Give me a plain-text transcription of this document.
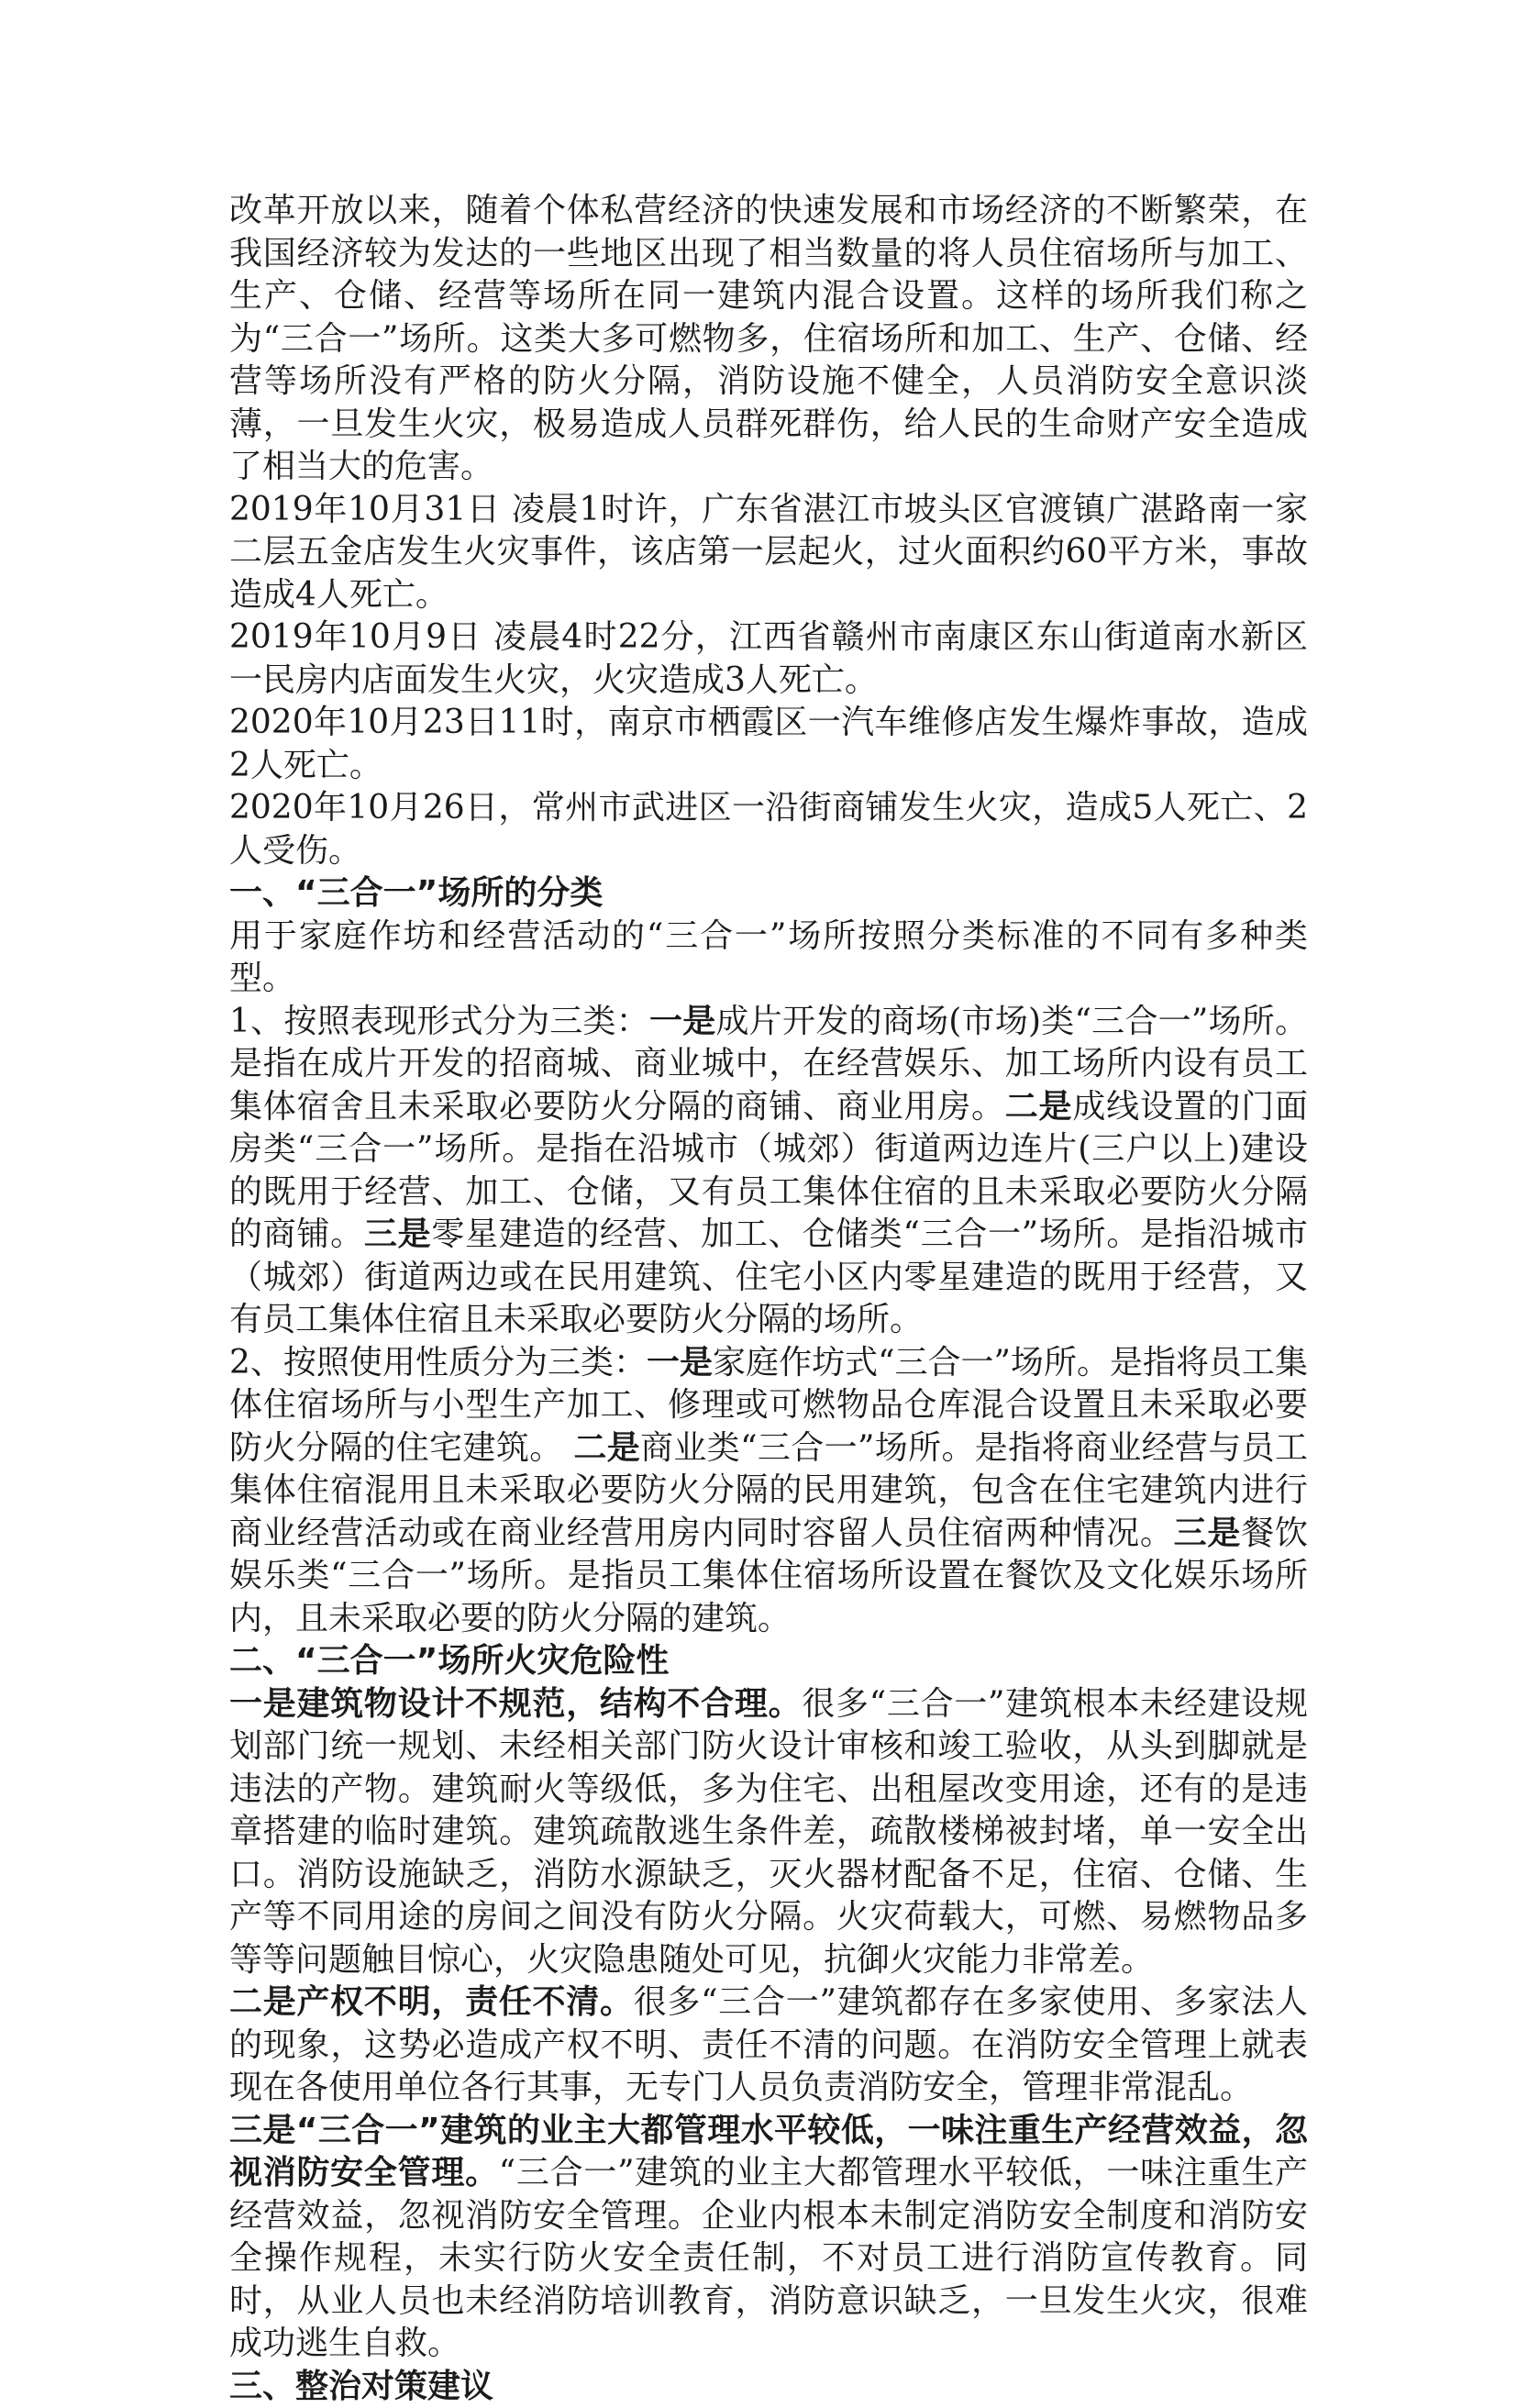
改革开放以来，随着个体私营经济的快速发展和市场经济的不断繁荣，在我国经济较为发达的一些地区出现了相当数量的将人员住宿场所与加工、生产、仓储、经营等场所在同一建筑内混合设置。这样的场所我们称之为“三合一”场所。这类大多可燃物多，住宿场所和加工、生产、仓储、经营等场所没有严格的防火分隔，消防设施不健全，人员消防安全意识淡薄，一旦发生火灾，极易造成人员群死群伤，给人民的生命财产安全造成了相当大的危害。

2019年10月31日 凌晨1时许，广东省湛江市坡头区官渡镇广湛路南一家二层五金店发生火灾事件，该店第一层起火，过火面积约60平方米，事故造成4人死亡。

2019年10月9日 凌晨4时22分，江西省赣州市南康区东山街道南水新区一民房内店面发生火灾，火灾造成3人死亡。

2020年10月23日11时，南京市栖霞区一汽车维修店发生爆炸事故，造成2人死亡。

2020年10月26日，常州市武进区一沿街商铺发生火灾，造成5人死亡、2人受伤。

一、“三合一”场所的分类

用于家庭作坊和经营活动的“三合一”场所按照分类标准的不同有多种类型。

1、按照表现形式分为三类：一是成片开发的商场(市场)类“三合一”场所。是指在成片开发的招商城、商业城中，在经营娱乐、加工场所内设有员工集体宿舍且未采取必要防火分隔的商铺、商业用房。二是成线设置的门面房类“三合一”场所。是指在沿城市（城郊）街道两边连片(三户以上)建设的既用于经营、加工、仓储，又有员工集体住宿的且未采取必要防火分隔的商铺。三是零星建造的经营、加工、仓储类“三合一”场所。是指沿城市（城郊）街道两边或在民用建筑、住宅小区内零星建造的既用于经营，又有员工集体住宿且未采取必要防火分隔的场所。

2、按照使用性质分为三类：一是家庭作坊式“三合一”场所。是指将员工集体住宿场所与小型生产加工、修理或可燃物品仓库混合设置且未采取必要防火分隔的住宅建筑。 二是商业类“三合一”场所。是指将商业经营与员工集体住宿混用且未采取必要防火分隔的民用建筑，包含在住宅建筑内进行商业经营活动或在商业经营用房内同时容留人员住宿两种情况。三是餐饮娱乐类“三合一”场所。是指员工集体住宿场所设置在餐饮及文化娱乐场所内，且未采取必要的防火分隔的建筑。

二、“三合一”场所火灾危险性

一是建筑物设计不规范，结构不合理。很多“三合一”建筑根本未经建设规划部门统一规划、未经相关部门防火设计审核和竣工验收，从头到脚就是违法的产物。建筑耐火等级低，多为住宅、出租屋改变用途，还有的是违章搭建的临时建筑。建筑疏散逃生条件差，疏散楼梯被封堵，单一安全出口。消防设施缺乏，消防水源缺乏，灭火器材配备不足，住宿、仓储、生产等不同用途的房间之间没有防火分隔。火灾荷载大，可燃、易燃物品多等等问题触目惊心，火灾隐患随处可见，抗御火灾能力非常差。

二是产权不明，责任不清。很多“三合一”建筑都存在多家使用、多家法人的现象，这势必造成产权不明、责任不清的问题。在消防安全管理上就表现在各使用单位各行其事，无专门人员负责消防安全，管理非常混乱。

三是“三合一”建筑的业主大都管理水平较低，一味注重生产经营效益，忽视消防安全管理。“三合一”建筑的业主大都管理水平较低，一味注重生产经营效益，忽视消防安全管理。企业内根本未制定消防安全制度和消防安全操作规程，未实行防火安全责任制，不对员工进行消防宣传教育。同时，从业人员也未经消防培训教育，消防意识缺乏，一旦发生火灾，很难成功逃生自救。

三、整治对策建议
